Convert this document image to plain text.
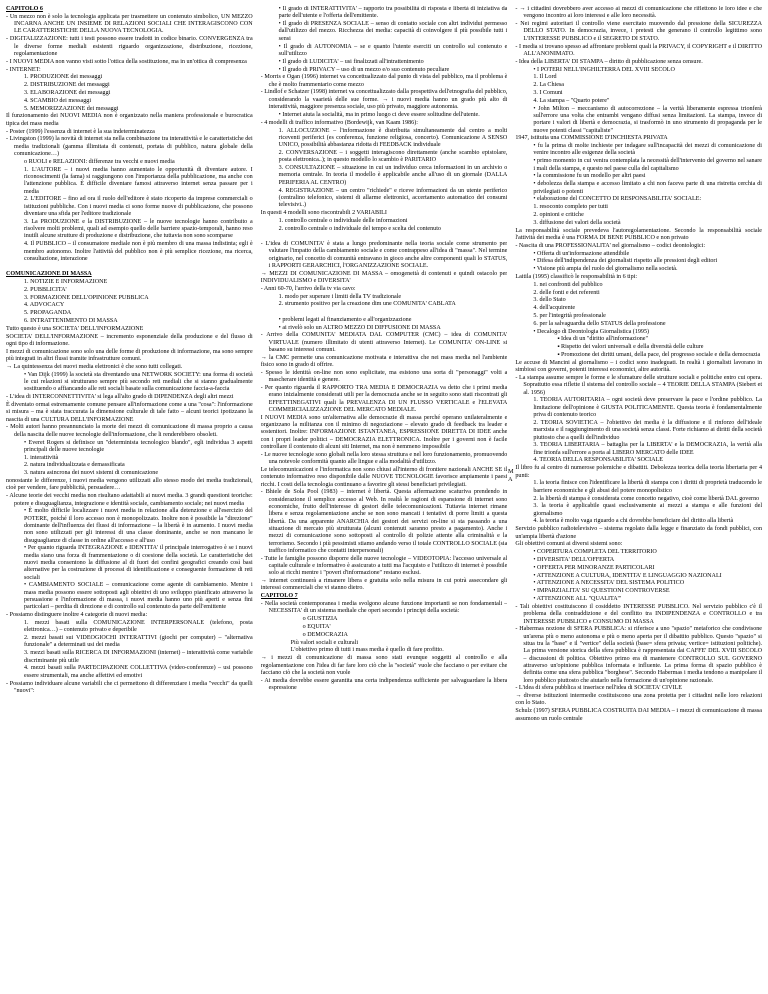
CAPITOLO 6

- Un mezzo non è solo la tecnologia applicata per trasmettere un contenuto simbolico, UN MEZZO INCARNA ANCHE UN INSIEME DI RELAZIONI SOCIALI CHE INTERAGISCONO CON LE CARATTERISTICHE DELLA NUOVA TECNOLOGIA.

- DIGITALIZZAZIONE: tutti i testi possono essere tradotti in codice binario. CONVERGENZA tra le diverse forme mediali esistenti riguardo organizzazione, distribuzione, ricezione, regolamentazione

- I NUOVI MEDIA non vanno visti sotto l'ottica della sostituzione, ma in un'ottica di compresenza

- INTERNET:

1. PRODUZIONE dei messaggi

2. DISTRIBUZIONE dei messaggi

3. ELABORAZIONE dei messaggi

4. SCAMBIO dei messaggi

5. MEMORIZZAZIONE dei messaggi

Il funzionamento dei NUOVI MEDIA non è organizzato nella maniera professionale e burocratica tipica dei mass media

- Poster (1999) l'essenza di internet è la sua indeterminatezza

- Livingston (1999) la novità di internet sta nella combinazione tra interattività e le caratteristiche dei media tradizionali (gamma illimitata di contenuti, portata di pubblico, natura globale della comunicazione…)

o RUOLI e RELAZIONI: differenze tra vecchi e nuovi media

1. L'AUTORE – i nuovi media hanno aumentato le opportunità di diventare autore. I riconoscimenti (la fama) si raggiungono con l'importanza della pubblicazione, ma anche con l'attenzione pubblica. È difficile diventare famosi attraverso internet senza passare per i media

2. L'EDITORE – fino ad ora il ruolo dell'editore è stato ricoperto da imprese commerciali o istituzioni pubbliche. Con i nuovi media ci sono forme nuove di pubblicazione, che possono diventare una sfida per l'editore tradizionale

3. La PRODUZIONE e la DISTRIBUZIONE – le nuove tecnologie hanno contribuito a risolvere molti problemi, quali ad esempio quello delle barriere spazio-temporali, hanno reso inutili alcune strutture di produzione e distribuzione, che tuttavia non sono scomparse

4. Il PUBBLICO – il consumatore mediale non è più membro di una massa indistinta; egli è membro autonomo. Inoltre l'attività del pubblico non è più semplice ricezione, ma ricerca, consultazione, interazione

COMUNICAZIONE DI MASSA

1. NOTIZIE E INFORMAZIONE

2. PUBBLICITA'

3. FORMAZIONE DELL'OPINIONE PUBBLICA

4. ADVOCACY

5. PROPAGANDA

6. INTRATTENIMENTO DI MASSA

Tutto questo è una SOCIETA' DELL'INFORMAZIONE

SOCIETA' DELL'INFORMAZIONE – incremento esponenziale della produzione e del flusso di ogni tipo di informazione.

I mezzi di comunicazione sono solo una delle forme di produzione di informazione, ma sono sempre più integrati in altri flussi tramite infrastrutture comuni.

→ La quintessenza dei nuovi media elettronici è che sono tutti collegati.

• Van Dijk (1999) la società sta diventando una NETWORK SOCIETY: una forma di società le cui relazioni si strutturano sempre più secondo reti mediali che si stanno gradualmente sostituendo o affiancando alle reti sociali basate sulla comunicazione faccia-a-faccia

- L'idea di INTERCONNETTIVITA' si lega all'alto grado di DIPENDENZA degli altri mezzi

È diventato ormai estremamente comune pensare all'informazione come a una "cosa": l'informazione si misura – ma è stata traccurata la dimensione culturale di tale fatto – alcuni teorici ipotizzano la nascita di una CULTURA DELL'INFORMAZIONE

- Molti autori hanno preannunciato la morte dei mezzi di comunicazione di massa proprio a causa della nascita delle nuove tecnologie dell'informazione, che li renderebbero obsoleti.

• Everet Rogers si definisce un "determinista tecnologico blando", egli individua 3 aspetti principali delle nuove tecnologie

1. interattività

2. natura individualizzata e demassificata

3. natura asincrona dei nuovi sistemi di comunicazione

nonostante le differenze, i nuovi media vengono utilizzati allo stesso modo dei media tradizionali, cioè per vendere, fare pubblicità, persuadere…

- Alcune teorie dei vecchi media non risultano adattabili ai nuovi media. 3 grandi questioni teoriche: potere e disuguaglianza, integrazione e identità sociale, cambiamento sociale; nei nuovi media

• È molto difficile localizzare i nuovi media in relazione alla detenzione e all'esercizio del POTERE, poiché il loro accesso non è monopolizzato. Inoltre non è possibile la "direzione" dominante dell'influenza dei flussi di informazione – la libertà è in aumento. I nuovi media non sono utilizzati per gli interessi di una classe dominante, anche se non mancano le disuguaglianze di classe in ordine all'accesso e all'uso

• Per quanto riguarda INTEGRAZIONE e IDENTITA' il principale interrogativo è se i nuovi media siano una forza di frammentazione o di coesione della società. Le caratteristiche dei nuovi media consentono la diffusione al di fuori dei confini geografici creando così basi alternative per la costruzione di processi di identificazione e conseguente formazione di reti sociali

• CAMBIAMENTO SOCIALE – comunicazione come agente di cambiamento. Mentre i mass media possono essere sottoposti agli obiettivi di uno sviluppo pianificato attraverso la persuasione e l'informazione di massa, i nuovi media hanno uno più aperti e senza fini particolari – perdita di direzione e di controllo sul contenuto da parte dell'emittente

- Possiamo distinguere inoltre 4 categorie di nuovi media:

1. mezzi basati sulla COMUNICAZIONE INTERPERSONALE (telefono, posta elettronica…) – contenuto privato e deperibile

2. mezzi basati sui VIDEOGIOCHI INTERATTIVI (giochi per computer) – "alternativa funzionale" a determinati usi dei media

3. mezzi basati sulla RICERCA DI INFORMAZIONI (internet) – interattività come variabile discriminante più utile

4. mezzi basati sulla PARTECIPAZIONE COLLETTIVA (video-conferenze) – usi possono essere strumentali, ma anche affettivi ed emotivi

- Possiamo individuare alcune variabili che ci permettono di differenziare i media "vecchi" da quelli "nuovi":

• Il grado di INTERATTIVITA' – rapporto tra possibilità di risposta e libertà di iniziativa da parte dell'utente e l'offerta dell'emittente.

• Il grado di PRESENZA SOCIALE – senso di contatto sociale con altri individui permesso dall'utilizzo del mezzo. Ricchezza dei media: capacità di coinvolgere il più possibile tutti i sensi

• Il grado di AUTONOMIA – se e quanto l'utente eserciti un controllo sul contenuto e sull'utilizzo

• Il grado di LUDICITA' – usi finalizzati all'intrattenimento

• Il grado di PRIVACY – uso di un mezzo e/o suo contenuto peculiare

- Morris e Ogan (1996) internet va concettualizzato dal punto di vista del pubblico, ma il problema è che è molto frammentario come mezzo

- Lindlof e Schatzer (1998) internet va concettualizzato dalla prospettiva dell'etnografia del pubblico, considerando la vaarietà delle sue forme. → i nuovi media hanno un grado più alto di interattività, maggiore presenza sociale, uso più privato, maggiore autonomia.

• Internet aiuta la socialità, ma in primo luogo ci deve essere solitudine dell'utente.

- 4 modelli di traffico informativo (Bordewijk, van Kaam 1986):

1. ALLOCUZIONE – l'informazione è distribuita simultaneamente dal centro a molti riceventi periferici (es conferenza, funzione religiosa, concerto). Comunicazione A SENSO UNICO, possibilità abbastanza ridotta di FEEDBACK individuale

2. CONVERSAZIONE – i soggetti interagiscono direttamente (anche scambio epistolare, posta elettronica..); in questo modello lo scambio è PARITARIO

3. CONSULTAZIONE – situazione in cui un individuo cerca informazioni in un archivio o memoria centrale. In teoria il modello è applicabile anche all'uso di un giornale (DALLA PERIFERIA AL CENTRO)

4. REGISTRAZIONE – un centro "richiede" e riceve informazioni da un utente periferico (centralino telefonico, sistemi di allarme elettronici, accertamento automatico dei consumi televisivi..)

In questi 4 modelli sono riscontrabili 2 VARIABILI

1. controllo centrale o individuale delle informazioni

2. controllo centrale o individuale del tempo e scelta del contenuto

- L'idea di COMUNITA' è stata a lungo predominante nella teoria sociale come strumento per valutare l'impatto della cambiamento sociale e come contrappeso all'idea di "massa". Nel termine originario, nel concetto di comunità entravano in gioco anche altre componenti quali lo STATUS, i RAPPORTI GERARCHICI, l'ORGANIZZAZIONE SOCIALE.

→ MEZZI DI COMUNICAZIONE DI MASSA – omogeneità di contenuti e quindi ostacolo per INDIVIDUALISMO e DIVERSITA'

- Anni 60-70, l'arrivo della tv via cavo:

1. modo per superare i limiti della TV tradizionale

2. strumento positivo per la creazione dim une COMUNITA' CABLATA

• problemi legati al finanziamento e all'organizzazione

• ai rivelò solo un ALTRO MEZZO DI DIFFUSIONE DI MASSA

- Arrivo della COMUNITA' MEDIATA DAL COMPUTER (CMC) – idea di COMUNITA' VIRTUALE (numero illimitato di utenti attraverso Internet). Le COMUNITA' ON-LINE si basano su interessi comuni.

→ la CMC permette una comunicazione motivata e interattiva che nei mass media nel l'ambiente fisico sono in grado di offrire.

- Spesso le identità on-line non sono esplicitate, ma esistono una sorta di "personaggi" volti a mascherare identità e genere.

- Per quanto riguarda il RAPPORTO TRA MEDIA E DEMOCRAZIA va detto che i primi media erano inizialmente considerati utili per la democrazia anche se in seguito sono stati riscontrati gli EFFETTINEGATIVI quali la PREVALENZA DI UN FLUSSO VERTICALE e l'ELEVATA COMMERCIALIZZAZIONE DEL MERCATO MEDIALE.

I NUOVI MEDIA sono un'alternativa alle democrazie di massa perché operano unilateralmente e organizzano la militanza con il minimo di negoziazione – elevato grado di feedback tra leader e sostenitori. Inoltre: INFORMAZIONE ISTANTANEA, ESPRESSIONE DIRETTA DI IDEE anche con i propri leader politici – DEMOCRAZIA ELETTRONICA. Inoltre per i governi non è facile controllare il contenuto di alcuni siti Internet, ma non è nemmeno impossibile

- Le nuove tecnologie sono globali nella loro stessa struttura e nel loro funzionamento, promuovendo una notevole conformità quanto alle lingue e alla modalità d'utilizzo.

Le telecomunicazioni e l'informatica non sono chiusi all'interno di frontiere nazionali ANCHE SE il contenuto informativo reso disponibile dalle NUOVE TECNOLOGIE favorisce ampiamente i paesi ricchi. I costi della tecnologia continuano a favorire gli stessi beneficiari privilegiati.

- Bhiele de Sola Pool (1983) – internet è libertà. Questa affermazione scaturiva prendendo in considerazione il semplice accesso al Web. In realtà le ragioni di espansione di internet sono economiche, frutto dell'interesse di gestori delle telecomunicazioni. Tuttavia internet rimane libera e senza regolamentazione anche se non sono mancati i tentativi di porre limiti a questa libertà. Da una apparente ANARCHIA dei gestori dei servizi on-line si sta passando a una situazione di mercato più strutturata (alcuni contenuti saranno presto a pagamento). Anche i mezzi di comunicazione sono sottoposti al controllo di polizie attente alla criminalità e la terrorismo. Secondo i più pessimisti stiamo andando verso il totale CONTROLLO SOCIALE (sia traffico informatico che contatti interpersonali)

- Tutte le famiglie possono disporre delle nuove tecnologie – VIDEOTOPIA: l'accesso universale al capitale culturale e informativo è assicurato a tutti ma l'acquisto e l'utilizzo di internet è possibile solo ai ricchi mentre i "poveri d'informazione" restano esclusi.

→ internet continuerà a rimanere libera e gratuita solo nella misura in cui potrà assecondare gli interessi commerciali che vi stanno dietro.

CAPITOLO 7

- Nella società contemporanea i media svolgono alcune funzione importanti se non fondamentali – NECESSITA' di un sistema mediale che operi secondo i principi della società:

o GIUSTIZIA

o EQUITA'

o DEMOCRAZIA

Più valori sociali e culturali

L'obiettivo primo di tutti i mass media è quello di fare profitto.

→ i mezzi di comunicazione di massa sono stati evunque soggetti al controllo e alla regolamentazione con l'idea di far fare loro ciò che la "società" vuole che facciano o per evitare che facciano ciò che la società non vuole

- Ai media dovrebbe essere garantita una certa indipendenza sufficiente per salvaguardare la libera espressione

- → i cittadini dovrebbero aver accesso ai mezzi di comunicazione che riflettono le loro idee e che vengono incontro ai loro interessi e alle loro necessità.

- Nei regimi autoritari il controllo viene esercitato muovendo dal pressione della SICUREZZA DELLO STATO. In democrazia, invece, i pretesti che generano il controllo legittimo sono L'INTERESSE PUBBLICO e il SEGRETO DI STATO.

- I media si trovano spesso ad affrontare problemi quali la PRIVACY, il COPYRIGHT e il DIRITTO ALL'ANONIMATO.

- Idea della LIBERTA' DI STAMPA – diritto di pubblicazione senza censure.

• I POTERI NELL'INGHILTERRA DEL XVIII SECOLO

1. Il Lord

2. La Chiesa

3. I Comuni

4. La stampa – "Quarto potere"

• John Milton – meccanismo di autocorrezione – la verità liberamente espressa trionferà sull'errore una volta che entrambi vengano diffusi senza limitazioni. La stampa, invece di portare i valori di libertà e democrazia, si trasformò in uno strumento di propaganda per le nuove potenti classi "capitaliste"

1947, istituita una COMMISSIONE D'INCHIESTA PRIVATA

• fu la prima di molte inchieste per indagare sull'incapacità dei mezzi di comunicazione di venire incontro alle esigenze della società

• primo momento in cui venira contemplata la necessità dell'intervento del governo nel sanare i mali della stampa, e questo nel paese culla del capitalismo

• la commissione fu un modello per altri paesi

• debolezza della stampa e accesso limitato a chi non faceva parte di una ristretta cerchia di privilegiati o potenti

• elaborazione del CONCETTO DI RESPONSABILITA' SOCIALE:

1. resoconto completo per tutti

2. opinioni e critiche

3. diffusione dei valori della società

La responsabilità sociale prevedeva l'autoregolamentazione. Secondo la responsabilità sociale l'attività dei media è una FORMA DI BENE PUBBLICO e non privato

- Nascita di una PROFESSIONALITA' nel giornalismo – codici deontologici:

• Offerta di un'informazione attendibile

• Difesa dell'indipendenza dei giornalisti rispetto alle pressioni degli editori

• Visione più ampia del ruolo del giornalismo nella società.

Laitila (1995) classificò le responsabilità in 6 tipi:

1. nei confronti del pubblico

2. delle fonti e dei referenti

3. dello Stato

4. dell'acquirente

5. per l'integrità professionale

6. per la salvaguardia dello STATUS della professione

• Decalogo di Deontologia Giornalistica (1995)

▪ Idea di un "diritto all'informazione"

▪ Rispetto dei valori universali e della diversità delle culture

▪ Promozione dei diritti umani, della pace, del progresso sociale e della democrazia

Le accuse di Mancini al giornalismo – i codici sono inadeguati. In realtà i giornalisti lavorano in simbiosi con governi, potenti interessi economici, altre autorità.

- La stampa assume sempre le forme e le sfumature delle strutture sociali e politiche entro cui opera. Soprattutto essa riflette il sistema del controllo sociale – 4 TEORIE DELLA STAMPA (Siebert et al. 1956)

1. TEORIA AUTORITARIA – ogni società deve preservare la pace e l'ordine pubblico. La limitazione dell'opinione è GIUSTA POLITICAMENTE. Questa teoria è fondamentalmente priva di contenuto teorico

2. TEORIA SOVIETICA – l'obiettivo dei media è la diffusione e il rinforzo dell'ideale marxista e il raggiungimento di una società senza classi. Forte richiamo ai diritti della società piuttosto che a quelli dell'individuo

3. TEORIA LIBERTARIA – battaglia per la LIBERTA' e la DEMOCRAZIA, la verità alla fine trionfa sull'errore a porta al LIBERO MERCATO delle IDEE

4. TEORIA DELLA RESPONSABILITA' SOCIALE

Il libro fu al centro di numerose polemiche e dibattiti. Debolezza teorica della teoria libertaria per 4 punti:

1. la teoria finisce con l'identificare la libertà di stampa con i diritti di proprietà traducendo le barriere economiche e gli abusi del potere monopolistico

2. la libertà di stampa è considerata come concetto negativo, cioè come libertà DAL governo

3. la teoria è applicabile quasi esclusivamente ai mezzi a stampa e alle funzioni del giornalismo

4. la teoria è molto vaga riguardo a chi dovrebbe beneficiare del diritto alla libertà

Servizio pubblico radiotelevisivo – sistema regolato dalla legge e finanziato da fondi pubblici, con un'ampia libertà d'azione

Gli obiettivi comuni ai diversi sistemi sono:

• COPERTURA COMPLETA DEL TERRITORIO

• DIVERSITA' DELL'OFFERTA

• OFFERTA PER MINORANZE PARTICOLARI

• ATTENZIONE A CULTURA, IDENTITA' E LINGUAGGIO NAZIONALI

• ATTENZIONE A NECESSITA' DEL SISTEMA POLITICO

• IMPARZIALITA' SU QUESTIONI CONTROVERSE

• ATTENZIONE ALL "QUALITA'"

- Tali obiettivi costituiscono il cosiddetto INTERESSE PUBBLICO. Nel servizio pubblico c'è il problema della contraddizione e del conflitto tra INDIPENDENZA e CONTROLLO e tra INTERESSE PUBBLICO e CONSUMO DI MASSA

- Habermas nozione di SFERA PUBBLICA: si riferisce a uno "spazio" metaforico che condivisone un'arena più o meno autonoma e più o meno aperta per il dibattito pubblico. Questo "spazio" si situa tra la "base" e il "vertice" della società (base= sfera privata; vertice= istituzioni politiche). La prima versione storica della sfera pubblica è rappresentata dai CAFFE' DEL XVIII SECOLO – discussioni di politica. Obiettivo primo era di mantenere CONTROLLO SUL GOVERNO attraverso un'opinione pubblica informata e influente. La prima forma di spazio pubblico è definita come una sfera pubblica "borghese". Secondo Habermas i media tendono a manipolare il loro pubblico piuttosto che aiutarlo nella formazione di un'opinione razionale.

- L'idea di sfera pubblica si inserisce nell'idea di SOCIETA' CIVILE

→ diverse istituzioni intermedie costituiscono una zona protetta per i cittadini nelle loro relazioni con lo Stato.

Schulz (1997) SFERA PUBBLICA COSTRUITA DAI MEDIA – i mezzi di comunicazione di massa assumono un ruolo centrale

M
A
